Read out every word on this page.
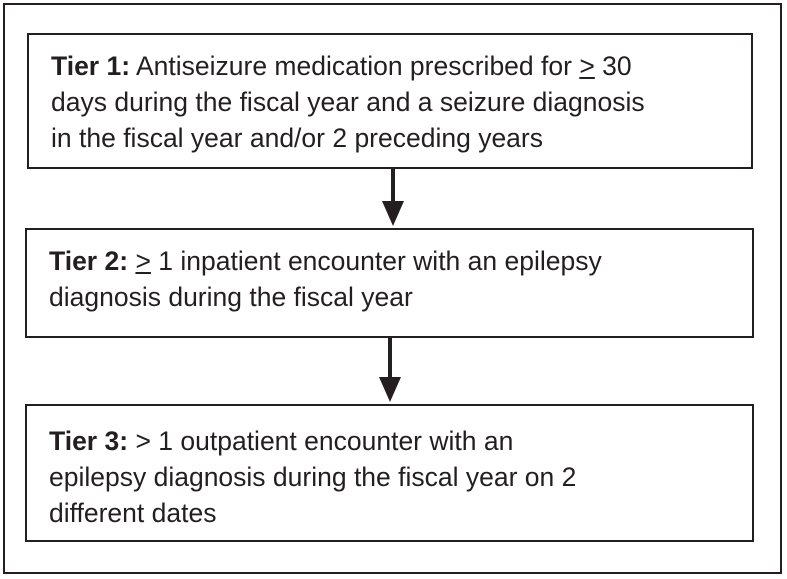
Tier 1: Antiseizure medication prescribed for > 30
days during the fiscal year and a seizure diagnosis
in the fiscal year and/or 2 preceding years
Tier 2: > 1 inpatient encounter with an epilepsy
diagnosis during the fiscal year
Tier 3: > 1 outpatient encounter with an
epilepsy diagnosis during the fiscal year on 2
different dates
